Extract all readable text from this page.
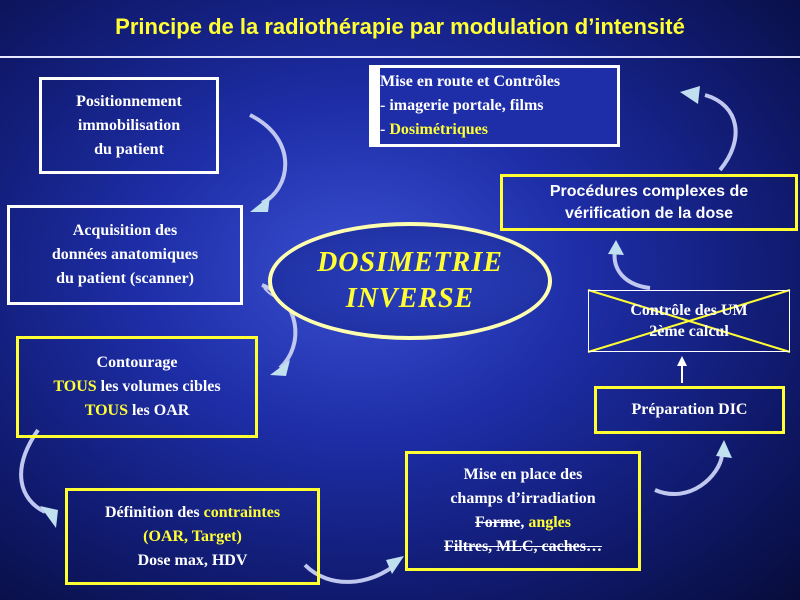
Principe de la radiothérapie par modulation d’intensité
Positionnement
immobilisation
du patient
Acquisition des
données anatomiques
du patient (scanner)
Contourage
TOUS les volumes cibles
TOUS les OAR
Définition des contraintes
(OAR, Target)
Dose max, HDV
Mise en place des
champs d’irradiation
Forme, angles
Filtres, MLC, caches…
Préparation DIC
Contrôle des UM
2ème calcul
Procédures complexes de
vérification de la dose
Mise en route et Contrôles
- imagerie portale, films
- Dosimétriques
DOSIMETRIE
INVERSE
